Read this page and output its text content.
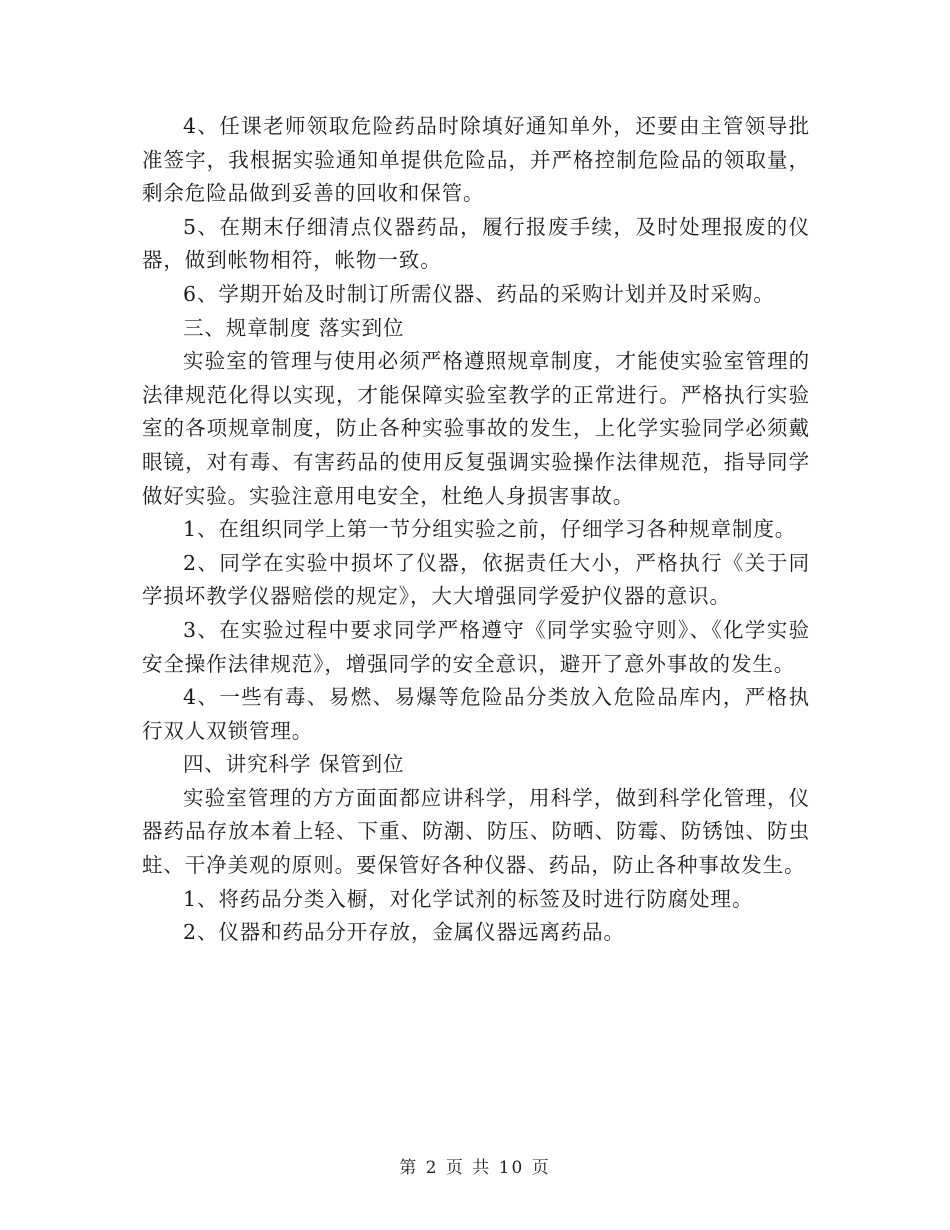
4、任课老师领取危险药品时除填好通知单外，还要由主管领导批准签字，我根据实验通知单提供危险品，并严格控制危险品的领取量，剩余危险品做到妥善的回收和保管。

5、在期末仔细清点仪器药品，履行报废手续，及时处理报废的仪器，做到帐物相符，帐物一致。

6、学期开始及时制订所需仪器、药品的采购计划并及时采购。

三、规章制度 落实到位

实验室的管理与使用必须严格遵照规章制度，才能使实验室管理的法律规范化得以实现，才能保障实验室教学的正常进行。严格执行实验室的各项规章制度，防止各种实验事故的发生，上化学实验同学必须戴眼镜，对有毒、有害药品的使用反复强调实验操作法律规范，指导同学做好实验。实验注意用电安全，杜绝人身损害事故。

1、在组织同学上第一节分组实验之前，仔细学习各种规章制度。

2、同学在实验中损坏了仪器，依据责任大小，严格执行《关于同学损坏教学仪器赔偿的规定》，大大增强同学爱护仪器的意识。

3、在实验过程中要求同学严格遵守《同学实验守则》、《化学实验安全操作法律规范》，增强同学的安全意识，避开了意外事故的发生。

4、一些有毒、易燃、易爆等危险品分类放入危险品库内，严格执行双人双锁管理。

四、讲究科学 保管到位

实验室管理的方方面面都应讲科学，用科学，做到科学化管理，仪器药品存放本着上轻、下重、防潮、防压、防晒、防霉、防锈蚀、防虫蛀、干净美观的原则。要保管好各种仪器、药品，防止各种事故发生。

1、将药品分类入橱，对化学试剂的标签及时进行防腐处理。

2、仪器和药品分开存放，金属仪器远离药品。

第 2 页 共 10 页
